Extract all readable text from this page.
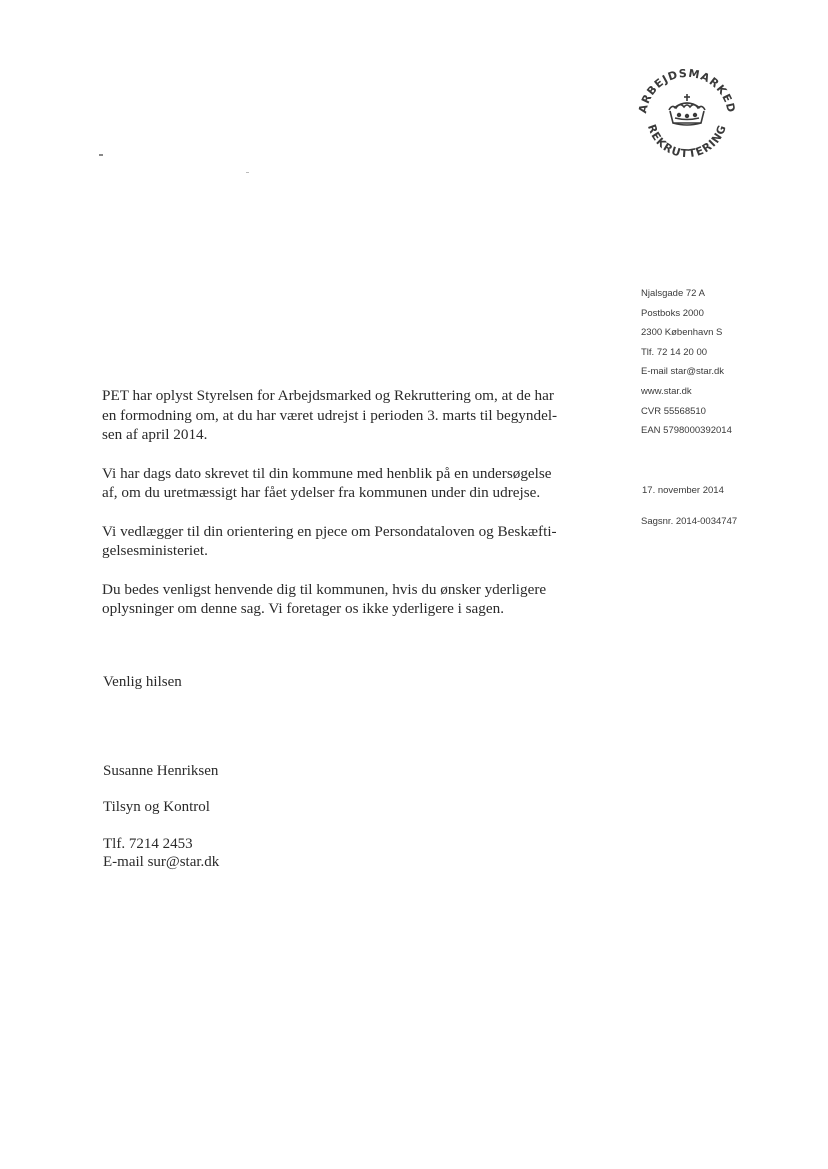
ARBEJDSMARKED
REKRUTTERING
Njalsgade 72 A
Postboks 2000
2300 København S
Tlf. 72 14 20 00
E-mail star@star.dk
www.star.dk
CVR 55568510
EAN 5798000392014
17. november 2014
Sagsnr. 2014-0034747

PET har oplyst Styrelsen for Arbejdsmarked og Rekruttering om, at de har
en formodning om, at du har været udrejst i perioden 3. marts til begyndel-
sen af april 2014.

Vi har dags dato skrevet til din kommune med henblik på en undersøgelse
af, om du uretmæssigt har fået ydelser fra kommunen under din udrejse.

Vi vedlægger til din orientering en pjece om Persondataloven og Beskæfti-
gelsesministeriet.

Du bedes venligst henvende dig til kommunen, hvis du ønsker yderligere
oplysninger om denne sag. Vi foretager os ikke yderligere i sagen.

Venlig hilsen
Susanne Henriksen
Tilsyn og Kontrol
Tlf. 7214 2453
E-mail sur@star.dk
